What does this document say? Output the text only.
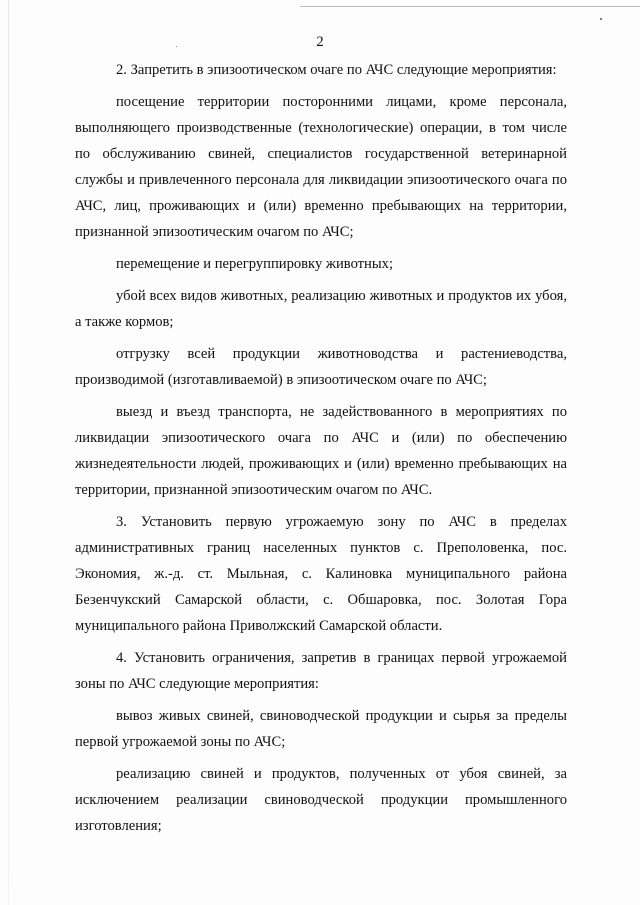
2

2. Запретить в эпизоотическом очаге по АЧС следующие мероприятия:

посещение территории посторонними лицами, кроме персонала, выполняющего производственные (технологические) операции, в том числе по обслуживанию свиней, специалистов государственной ветеринарной службы и привлеченного персонала для ликвидации эпизоотического очага по АЧС, лиц, проживающих и (или) временно пребывающих на территории, признанной эпизоотическим очагом по АЧС;

перемещение и перегруппировку животных;

убой всех видов животных, реализацию животных и продуктов их убоя, а также кормов;

отгрузку всей продукции животноводства и растениеводства, производимой (изготавливаемой) в эпизоотическом очаге по АЧС;

выезд и въезд транспорта, не задействованного в мероприятиях по ликвидации эпизоотического очага по АЧС и (или) по обеспечению жизнедеятельности людей, проживающих и (или) временно пребывающих на территории, признанной эпизоотическим очагом по АЧС.

3. Установить первую угрожаемую зону по АЧС в пределах административных границ населенных пунктов с. Преполовенка, пос. Экономия, ж.-д. ст. Мыльная, с. Калиновка муниципального района Безенчукский Самарской области, с. Обшаровка, пос. Золотая Гора муниципального района Приволжский Самарской области.

4. Установить ограничения, запретив в границах первой угрожаемой зоны по АЧС следующие мероприятия:

вывоз живых свиней, свиноводческой продукции и сырья за пределы первой угрожаемой зоны по АЧС;

реализацию свиней и продуктов, полученных от убоя свиней, за исключением реализации свиноводческой продукции промышленного изготовления;
